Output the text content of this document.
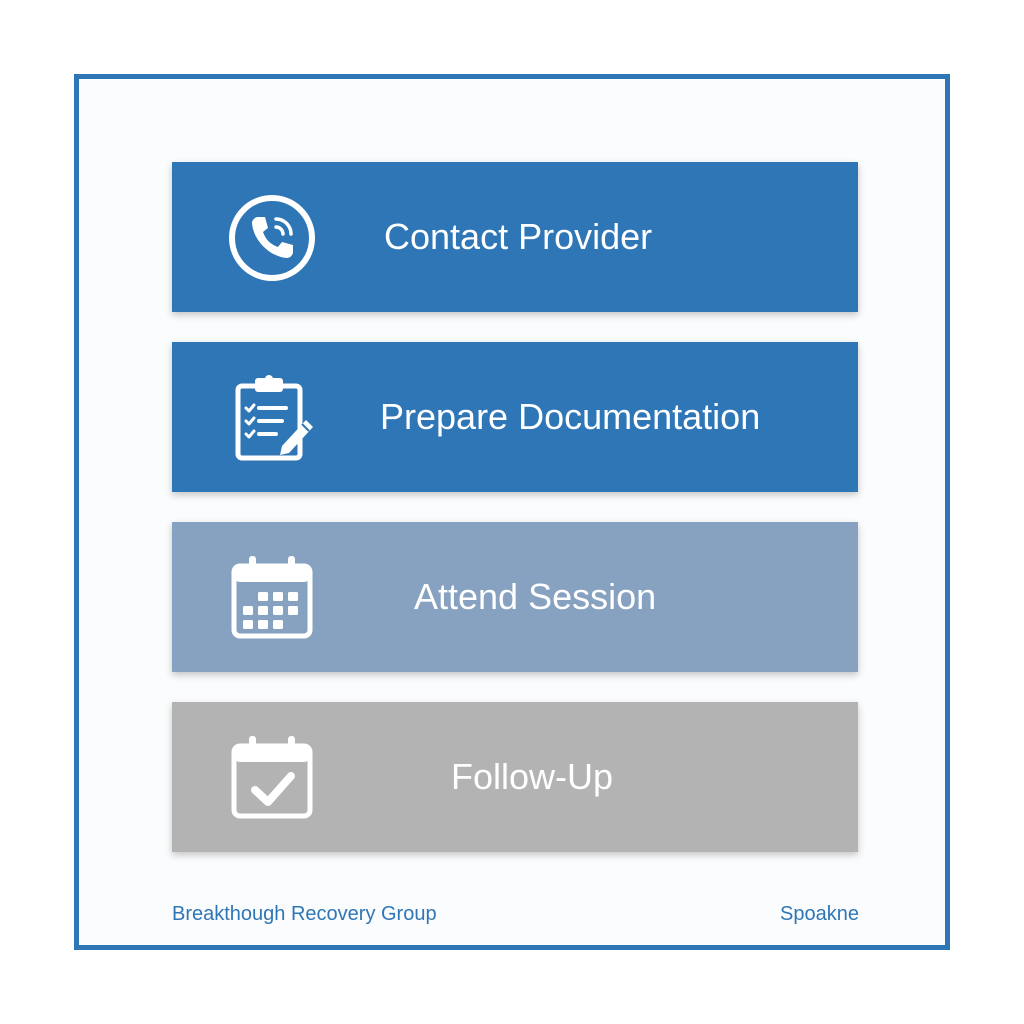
Contact Provider
Prepare Documentation
Attend Session
Follow-Up
Breakthough Recovery Group	Spoakne
